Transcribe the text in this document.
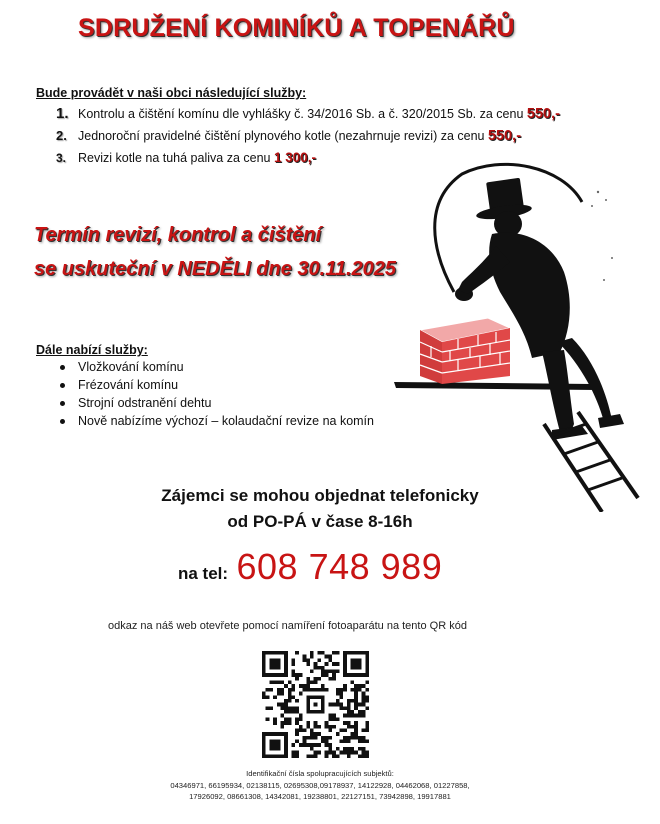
SDRUŽENÍ KOMINÍKŮ A TOPENÁŘŮ
Bude provádět v naši obci následující služby:
1. Kontrolu a čištění komínu dle vyhlášky č. 34/2016 Sb. a č. 320/2015 Sb. za cenu 550,-
2. Jednoroční pravidelné čištění plynového kotle (nezahrnuje revizi) za cenu 550,-
3. Revizi kotle na tuhá paliva za cenu 1 300,-
Termín revizí, kontrol a čištění
se uskuteční v NEDĚLI dne 30.11.2025
Dále nabízí služby:
Vložkování komínu
Frézování komínu
Strojní odstranění dehtu
Nově nabízíme výchozí – kolaudační revize na komín
Zájemci se mohou objednat telefonicky
od PO-PÁ v čase 8-16h
na tel: 608 748 989
odkaz na náš web otevřete pomocí namíření fotoaparátu na tento QR kód
Identifikační čísla spolupracujících subjektů:
04346971, 66195934, 02138115, 02695308,09178937, 14122928, 04462068, 01227858,
17926092, 08661308, 14342081, 19238801, 22127151, 73942898, 19917881
